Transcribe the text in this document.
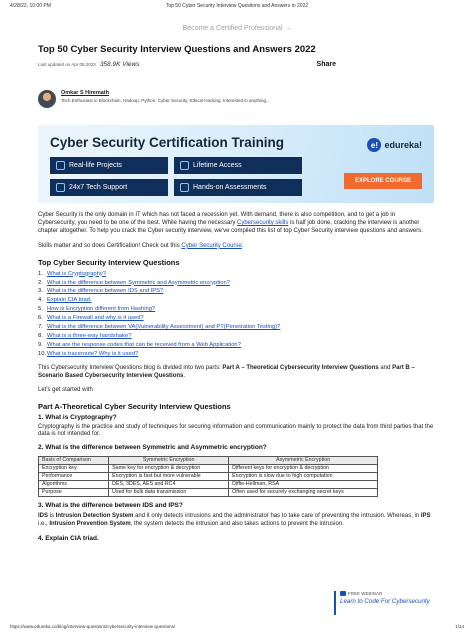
4/28/22, 10:00 PM	Top 50 Cyber Security Interview Questions and Answers in 2022
Become a Certified Professional →
Top 50 Cyber Security Interview Questions and Answers 2022
Last updated on Apr 05,2023 358.9K Views	Share
Omkar S Hiremath
Tech Enthusiast in Blockchain, Hadoop, Python, Cyber Security, Ethical Hacking. Interested in anything...
Cyber Security Certification Training	e! edureka!
Real-life Projects	Lifetime Access
24x7 Tech Support	Hands-on Assessments
EXPLORE COURSE

Cyber Security is the only domain in IT which has not faced a recession yet. With demand, there is also competition, and to get a job in Cybersecurity, you need to be one of the best. While having the necessary Cybersecurity skills is half job done, cracking the interview is another chapter altogether. To help you crack the Cyber security interview, we've compiled this list of top Cyber Security interview questions and answers.

Skills matter and so does Certification! Check out this Cyber Security Course.

Top Cyber Security Interview Questions
1. What is Cryptography?
2. What is the difference between Symmetric and Asymmetric encryption?
3. What is the difference between IDS and IPS?
4. Explain CIA triad.
5. How is Encryption different from Hashing?
6. What is a Firewall and why is it used?
7. What is the difference between VA(Vulnerability Assessment) and PT(Penetration Testing)?
8. What is a three-way handshake?
9. What are the response codes that can be received from a Web Application?
10.What is traceroute? Why is it used?

This Cybersecurity Interview Questions blog is divided into two parts: Part A – Theoretical Cybersecurity Interview Questions and Part B – Scenario Based Cybersecurity Interview Questions.

Let's get started with

Part A-Theoretical Cyber Security Interview Questions
1. What is Cryptography?

Cryptography is the practice and study of techniques for securing information and communication mainly to protect the data from third parties that the data is not intended for.

2. What is the difference between Symmetric and Asymmetric encryption?
Basis of Comparison	Symmetric Encryption	Asymmetric Encryption
Encryption key	Same key for encryption & decryption	Different keys for encryption & decryption
Performance	Encryption is fast but more vulnerable	Encryption is slow due to high computation
Algorithms	DES, 3DES, AES and RC4	Diffie-Hellman, RSA
Purpose	Used for bulk data transmission	Often used for securely exchanging secret keys
3. What is the difference between IDS and IPS?

IDS is Intrusion Detection System and it only detects intrusions and the administrator has to take care of preventing the intrusion. Whereas, in IPS i.e., Intrusion Prevention System, the system detects the intrusion and also takes actions to prevent the intrusion.

4. Explain CIA triad.
FREE WEBINAR
Learn to Code For Cybersecurity
https://www.edureka.co/blog/interview-questions/cybersecurity-interview-questions/	1/14
